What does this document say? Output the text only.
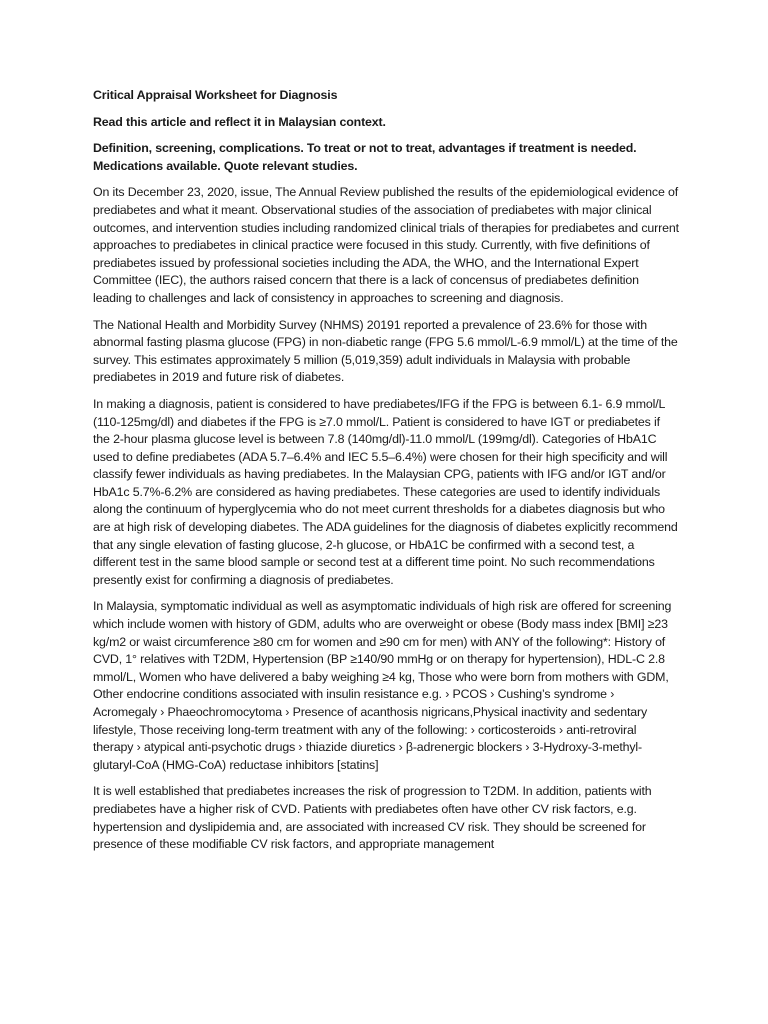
Critical Appraisal Worksheet for Diagnosis

Read this article and reflect it in Malaysian context.

Definition, screening, complications. To treat or not to treat, advantages if treatment is needed. Medications available. Quote relevant studies.

On its December 23, 2020, issue, The Annual Review published the results of the epidemiological evidence of prediabetes and what it meant. Observational studies of the association of prediabetes with major clinical outcomes, and intervention studies including randomized clinical trials of therapies for prediabetes and current approaches to prediabetes in clinical practice were focused in this study. Currently, with five definitions of prediabetes issued by professional societies including the ADA, the WHO, and the International Expert Committee (IEC), the authors raised concern that there is a lack of concensus of prediabetes definition leading to challenges and lack of consistency in approaches to screening and diagnosis.

The National Health and Morbidity Survey (NHMS) 20191 reported a prevalence of 23.6% for those with abnormal fasting plasma glucose (FPG) in non-diabetic range (FPG 5.6 mmol/L-6.9 mmol/L) at the time of the survey. This estimates approximately 5 million (5,019,359) adult individuals in Malaysia with probable prediabetes in 2019 and future risk of diabetes.

In making a diagnosis, patient is considered to have prediabetes/IFG if the FPG is between 6.1- 6.9 mmol/L (110-125mg/dl) and diabetes if the FPG is ≥7.0 mmol/L. Patient is considered to have IGT or prediabetes if the 2-hour plasma glucose level is between 7.8 (140mg/dl)-11.0 mmol/L (199mg/dl). Categories of HbA1C used to define prediabetes (ADA 5.7–6.4% and IEC 5.5–6.4%) were chosen for their high specificity and will classify fewer individuals as having prediabetes. In the Malaysian CPG, patients with IFG and/or IGT and/or HbA1c 5.7%-6.2% are considered as having prediabetes. These categories are used to identify individuals along the continuum of hyperglycemia who do not meet current thresholds for a diabetes diagnosis but who are at high risk of developing diabetes. The ADA guidelines for the diagnosis of diabetes explicitly recommend that any single elevation of fasting glucose, 2-h glucose, or HbA1C be confirmed with a second test, a different test in the same blood sample or second test at a different time point. No such recommendations presently exist for confirming a diagnosis of prediabetes.

In Malaysia, symptomatic individual as well as asymptomatic individuals of high risk are offered for screening which include women with history of GDM, adults who are overweight or obese (Body mass index [BMI] ≥23 kg/m2 or waist circumference ≥80 cm for women and ≥90 cm for men) with ANY of the following*: History of CVD, 1° relatives with T2DM, Hypertension (BP ≥140/90 mmHg or on therapy for hypertension), HDL-C 2.8 mmol/L, Women who have delivered a baby weighing ≥4 kg, Those who were born from mothers with GDM, Other endocrine conditions associated with insulin resistance e.g. › PCOS › Cushing’s syndrome › Acromegaly › Phaeochromocytoma › Presence of acanthosis nigricans,Physical inactivity and sedentary lifestyle, Those receiving long-term treatment with any of the following: › corticosteroids › anti-retroviral therapy › atypical anti-psychotic drugs › thiazide diuretics › β-adrenergic blockers › 3-Hydroxy-3-methyl-glutaryl-CoA (HMG-CoA) reductase inhibitors [statins]

It is well established that prediabetes increases the risk of progression to T2DM. In addition, patients with prediabetes have a higher risk of CVD. Patients with prediabetes often have other CV risk factors, e.g. hypertension and dyslipidemia and, are associated with increased CV risk. They should be screened for presence of these modifiable CV risk factors, and appropriate management
